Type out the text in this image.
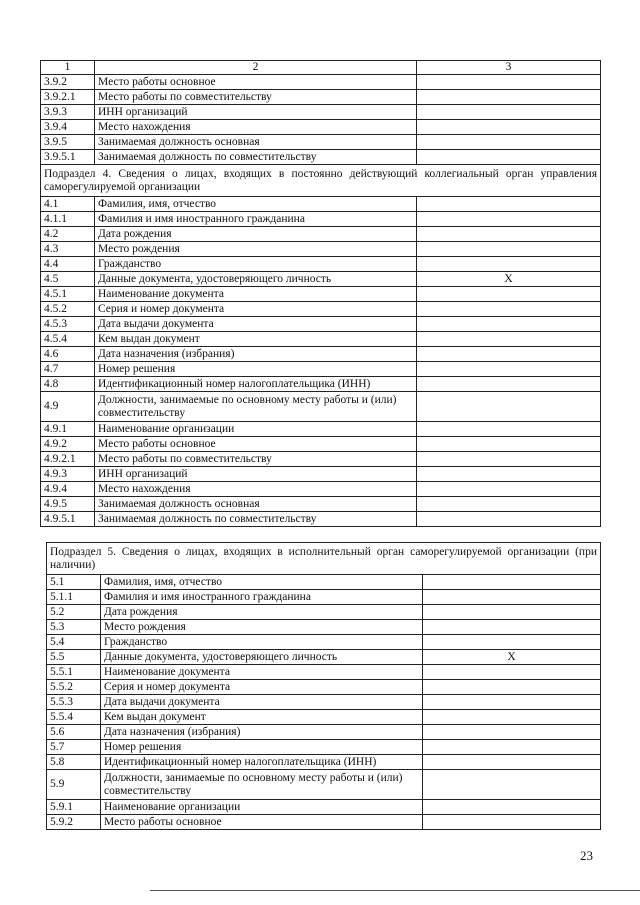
1	2	3
3.9.2	Место работы основное	
3.9.2.1	Место работы по совместительству	
3.9.3	ИНН организаций	
3.9.4	Место нахождения	
3.9.5	Занимаемая должность основная	
3.9.5.1	Занимаемая должность по совместительству	
Подраздел 4. Сведения о лицах, входящих в постоянно действующий коллегиальный орган управления саморегулируемой организации		
4.1	Фамилия, имя, отчество	
4.1.1	Фамилия и имя иностранного гражданина	
4.2	Дата рождения	
4.3	Место рождения	
4.4	Гражданство	
4.5	Данные документа, удостоверяющего личность	X
4.5.1	Наименование документа	
4.5.2	Серия и номер документа	
4.5.3	Дата выдачи документа	
4.5.4	Кем выдан документ	
4.6	Дата назначения (избрания)	
4.7	Номер решения	
4.8	Идентификационный номер налогоплательщика (ИНН)	
4.9	Должности, занимаемые по основному месту работы и (или) совместительству	
4.9.1	Наименование организации	
4.9.2	Место работы основное	
4.9.2.1	Место работы по совместительству	
4.9.3	ИНН организаций	
4.9.4	Место нахождения	
4.9.5	Занимаемая должность основная	
4.9.5.1	Занимаемая должность по совместительству	
Подраздел 5. Сведения о лицах, входящих в исполнительный орган саморегулируемой организации (при наличии)		
5.1	Фамилия, имя, отчество	
5.1.1	Фамилия и имя иностранного гражданина	
5.2	Дата рождения	
5.3	Место рождения	
5.4	Гражданство	
5.5	Данные документа, удостоверяющего личность	X
5.5.1	Наименование документа	
5.5.2	Серия и номер документа	
5.5.3	Дата выдачи документа	
5.5.4	Кем выдан документ	
5.6	Дата назначения (избрания)	
5.7	Номер решения	
5.8	Идентификационный номер налогоплательщика (ИНН)	
5.9	Должности, занимаемые по основному месту работы и (или) совместительству	
5.9.1	Наименование организации	
5.9.2	Место работы основное	
23
